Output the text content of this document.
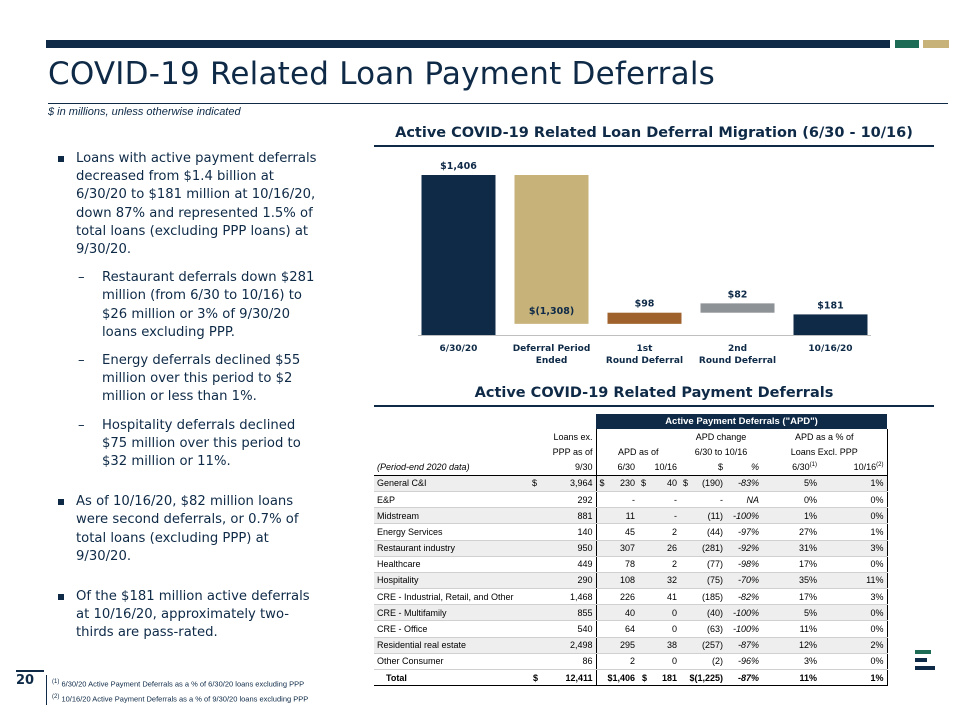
COVID-19 Related Loan Payment Deferrals
$ in millions, unless otherwise indicated
Loans with active payment deferrals decreased from $1.4 billion at 6/30/20 to $181 million at 10/16/20, down 87% and represented 1.5% of total loans (excluding PPP loans) at 9/30/20.
– Restaurant deferrals down $281 million (from 6/30 to 10/16) to $26 million or 3% of 9/30/20 loans excluding PPP.
– Energy deferrals declined $55 million over this period to $2 million or less than 1%.
– Hospitality deferrals declined $75 million over this period to $32 million or 11%.
As of 10/16/20, $82 million loans were second deferrals, or 0.7% of total loans (excluding PPP) at 9/30/20.
Of the $181 million active deferrals at 10/16/20, approximately two-thirds are pass-rated.
Active COVID-19 Related Loan Deferral Migration (6/30 - 10/16)
$1,406
6/30/20
$(1,308)
Deferral Period
Ended
$98
1st
Round Deferral
$82
2nd
Round Deferral
$181
10/16/20
Active COVID-19 Related Payment Deferrals
			Active Payment Deferrals ("APD")								
	Loans ex.						APD change			APD as a % of	
	PPP as of		APD as of				6/30 to 10/16			Loans Excl. PPP	
(Period-end 2020 data)	9/30		6/30		10/16		$		%	6/30$^{(1)}$	10/16$^{(2)}$
General C&I	$	3,964	$	230	$	40	$	(190)	-83%	5%	1%
E&P		292		-		-		-	NA	0%	0%
Midstream		881		11		-		(11)	-100%	1%	0%
Energy Services		140		45		2		(44)	-97%	27%	1%
Restaurant industry		950		307		26		(281)	-92%	31%	3%
Healthcare		449		78		2		(77)	-98%	17%	0%
Hospitality		290		108		32		(75)	-70%	35%	11%
CRE - Industrial, Retail, and Other		1,468		226		41		(185)	-82%	17%	3%
CRE - Multifamily		855		40		0		(40)	-100%	5%	0%
CRE - Office		540		64		0		(63)	-100%	11%	0%
Residential real estate		2,498		295		38		(257)	-87%	12%	2%
Other Consumer		86		2		0		(2)	-96%	3%	0%
Total	$	12,411	$1,406		$	181	$(1,225)		-87%	11%	1%
20	$^{(1)}$ 6/30/20 Active Payment Deferrals as a % of 6/30/20 loans excluding PPP
$^{(2)}$ 10/16/20 Active Payment Deferrals as a % of 9/30/20 loans excluding PPP
